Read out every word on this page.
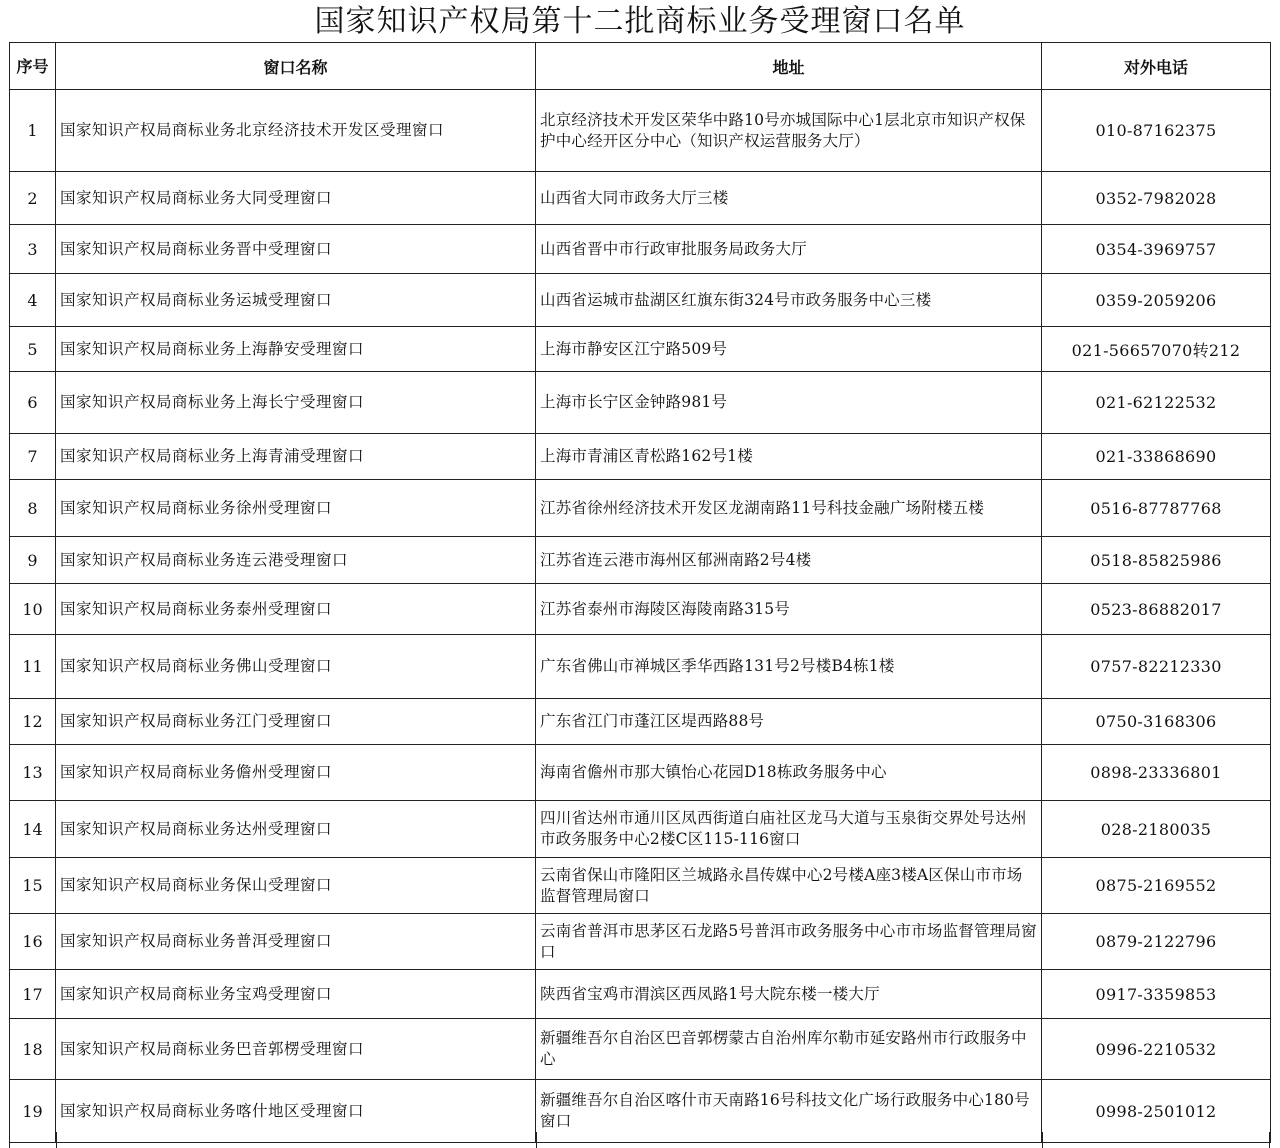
国家知识产权局第十二批商标业务受理窗口名单
序号	窗口名称	地址	对外电话
1	国家知识产权局商标业务北京经济技术开发区受理窗口	北京经济技术开发区荣华中路10号亦城国际中心1层北京市知识产权保护中心经开区分中心（知识产权运营服务大厅）	010-87162375
2	国家知识产权局商标业务大同受理窗口	山西省大同市政务大厅三楼	0352-7982028
3	国家知识产权局商标业务晋中受理窗口	山西省晋中市行政审批服务局政务大厅	0354-3969757
4	国家知识产权局商标业务运城受理窗口	山西省运城市盐湖区红旗东街324号市政务服务中心三楼	0359-2059206
5	国家知识产权局商标业务上海静安受理窗口	上海市静安区江宁路509号	021-56657070转212
6	国家知识产权局商标业务上海长宁受理窗口	上海市长宁区金钟路981号	021-62122532
7	国家知识产权局商标业务上海青浦受理窗口	上海市青浦区青松路162号1楼	021-33868690
8	国家知识产权局商标业务徐州受理窗口	江苏省徐州经济技术开发区龙湖南路11号科技金融广场附楼五楼	0516-87787768
9	国家知识产权局商标业务连云港受理窗口	江苏省连云港市海州区郁洲南路2号4楼	0518-85825986
10	国家知识产权局商标业务泰州受理窗口	江苏省泰州市海陵区海陵南路315号	0523-86882017
11	国家知识产权局商标业务佛山受理窗口	广东省佛山市禅城区季华西路131号2号楼B4栋1楼	0757-82212330
12	国家知识产权局商标业务江门受理窗口	广东省江门市蓬江区堤西路88号	0750-3168306
13	国家知识产权局商标业务儋州受理窗口	海南省儋州市那大镇怡心花园D18栋政务服务中心	0898-23336801
14	国家知识产权局商标业务达州受理窗口	四川省达州市通川区凤西街道白庙社区龙马大道与玉泉街交界处号达州市政务服务中心2楼C区115-116窗口	028-2180035
15	国家知识产权局商标业务保山受理窗口	云南省保山市隆阳区兰城路永昌传媒中心2号楼A座3楼A区保山市市场监督管理局窗口	0875-2169552
16	国家知识产权局商标业务普洱受理窗口	云南省普洱市思茅区石龙路5号普洱市政务服务中心市市场监督管理局窗口	0879-2122796
17	国家知识产权局商标业务宝鸡受理窗口	陕西省宝鸡市渭滨区西凤路1号大院东楼一楼大厅	0917-3359853
18	国家知识产权局商标业务巴音郭楞受理窗口	新疆维吾尔自治区巴音郭楞蒙古自治州库尔勒市延安路州市行政服务中心	0996-2210532
19	国家知识产权局商标业务喀什地区受理窗口	新疆维吾尔自治区喀什市天南路16号科技文化广场行政服务中心180号窗口	0998-2501012
